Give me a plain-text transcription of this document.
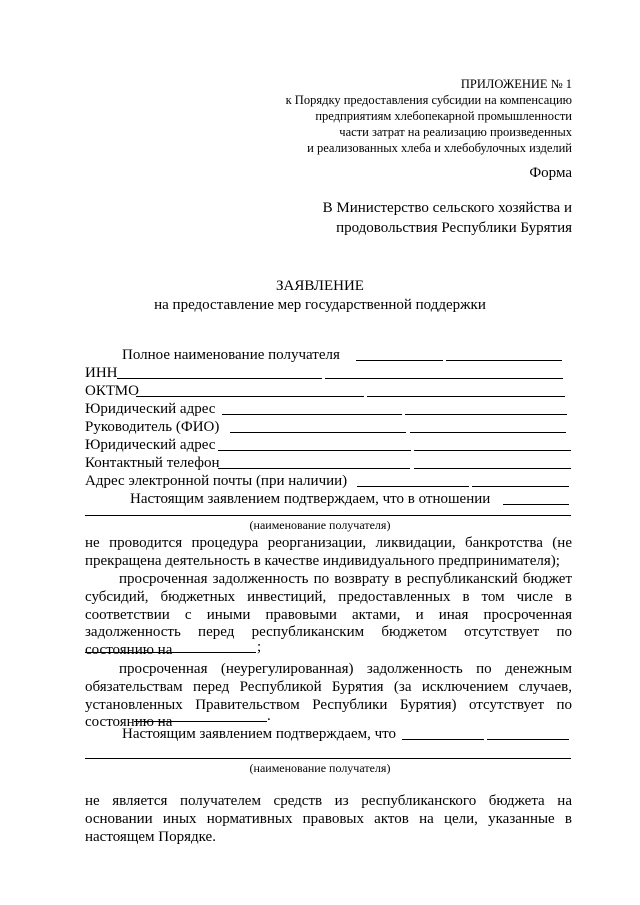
ПРИЛОЖЕНИЕ № 1
к Порядку предоставления субсидии на компенсацию
предприятиям хлебопекарной промышленности
части затрат на реализацию произведенных
и реализованных хлеба и хлебобулочных изделий
Форма
В Министерство сельского хозяйства и
продовольствия Республики Бурятия
ЗАЯВЛЕНИЕ
на предоставление мер государственной поддержки
Полное наименование получателя
ИНН
ОКТМО
Юридический адрес
Руководитель (ФИО)
Юридический адрес
Контактный телефон
Адрес электронной почты (при наличии)
Настоящим заявлением подтверждаем, что в отношении
(наименование получателя)
не проводится процедура реорганизации, ликвидации, банкротства (не прекращена деятельность в качестве индивидуального предпринимателя);
просроченная задолженность по возврату в республиканский бюджет субсидий, бюджетных инвестиций, предоставленных в том числе в соответствии с иными правовыми актами, и иная просроченная задолженность перед республиканским бюджетом отсутствует по состоянию на	;
просроченная (неурегулированная) задолженность по денежным обязательствам перед Республикой Бурятия (за исключением случаев, установленных Правительством Республики Бурятия) отсутствует по состоянию на	.
Настоящим заявлением подтверждаем, что
(наименование получателя)
не является получателем средств из республиканского бюджета на основании иных нормативных правовых актов на цели, указанные в настоящем Порядке.
